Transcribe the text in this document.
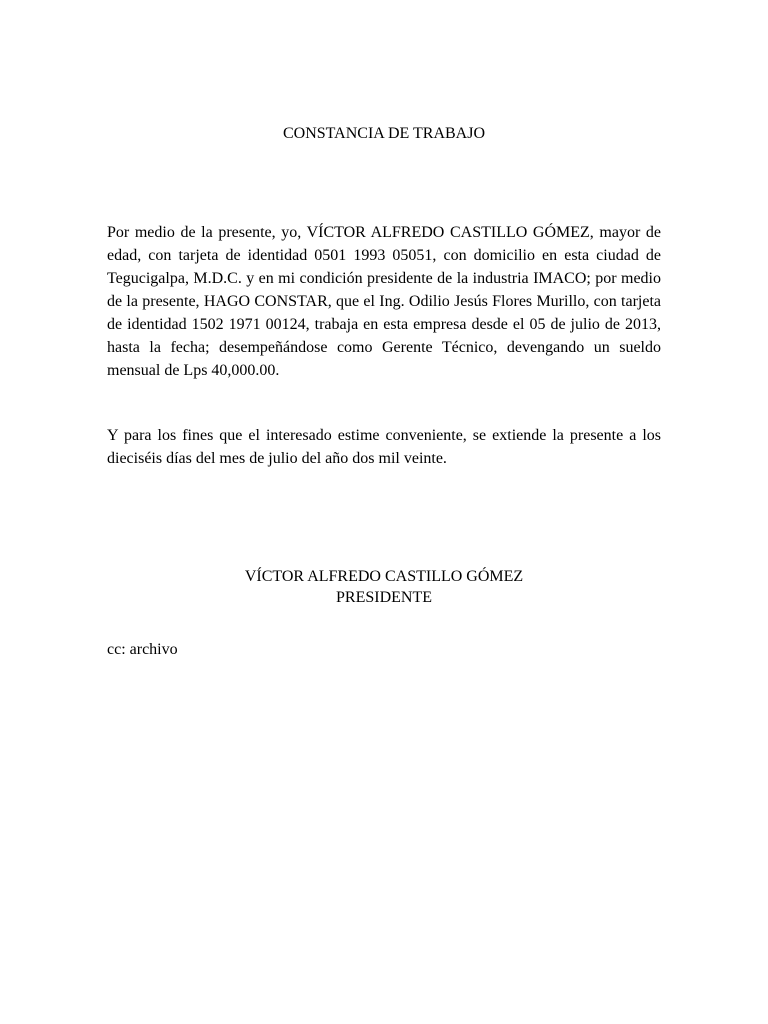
CONSTANCIA DE TRABAJO

Por medio de la presente, yo, VÍCTOR ALFREDO CASTILLO GÓMEZ, mayor de edad, con tarjeta de identidad 0501 1993 05051, con domicilio en esta ciudad de Tegucigalpa, M.D.C. y en mi condición presidente de la industria IMACO; por medio de la presente, HAGO CONSTAR, que el Ing. Odilio Jesús Flores Murillo, con tarjeta de identidad 1502 1971 00124, trabaja en esta empresa desde el 05 de julio de 2013, hasta la fecha; desempeñándose como Gerente Técnico, devengando un sueldo mensual de Lps 40,000.00.

Y para los fines que el interesado estime conveniente, se extiende la presente a los dieciséis días del mes de julio del año dos mil veinte.

VÍCTOR ALFREDO CASTILLO GÓMEZ
PRESIDENTE
cc: archivo
